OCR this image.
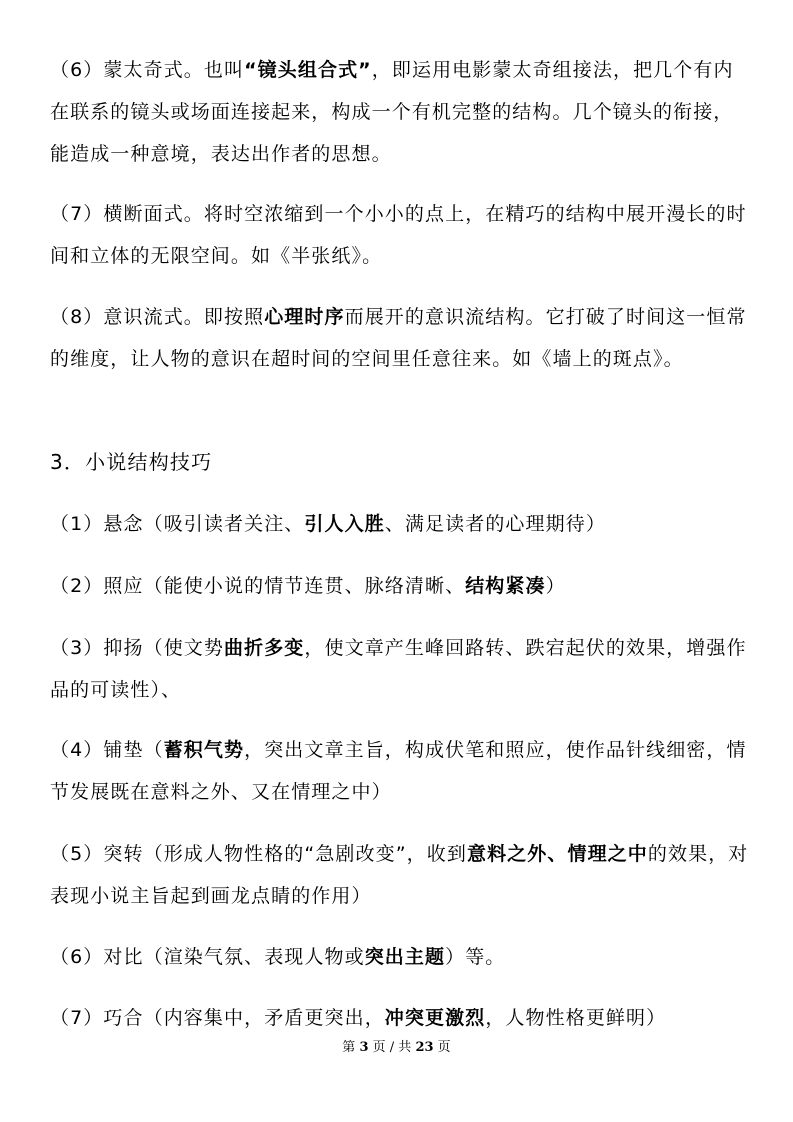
（6）蒙太奇式。也叫“镜头组合式”，即运用电影蒙太奇组接法，把几个有内在联系的镜头或场面连接起来，构成一个有机完整的结构。几个镜头的衔接，能造成一种意境，表达出作者的思想。

（7）横断面式。将时空浓缩到一个小小的点上，在精巧的结构中展开漫长的时间和立体的无限空间。如《半张纸》。

（8）意识流式。即按照心理时序而展开的意识流结构。它打破了时间这一恒常的维度，让人物的意识在超时间的空间里任意往来。如《墙上的斑点》。

3．小说结构技巧

（1）悬念（吸引读者关注、引人入胜、满足读者的心理期待）

（2）照应（能使小说的情节连贯、脉络清晰、结构紧凑）

（3）抑扬（使文势曲折多变，使文章产生峰回路转、跌宕起伏的效果，增强作品的可读性）、

（4）铺垫（蓄积气势，突出文章主旨，构成伏笔和照应，使作品针线细密，情节发展既在意料之外、又在情理之中）

（5）突转（形成人物性格的“急剧改变”，收到意料之外、情理之中的效果，对表现小说主旨起到画龙点睛的作用）

（6）对比（渲染气氛、表现人物或突出主题）等。

（7）巧合（内容集中，矛盾更突出，冲突更激烈，人物性格更鲜明）

第 3 页 / 共 23 页
